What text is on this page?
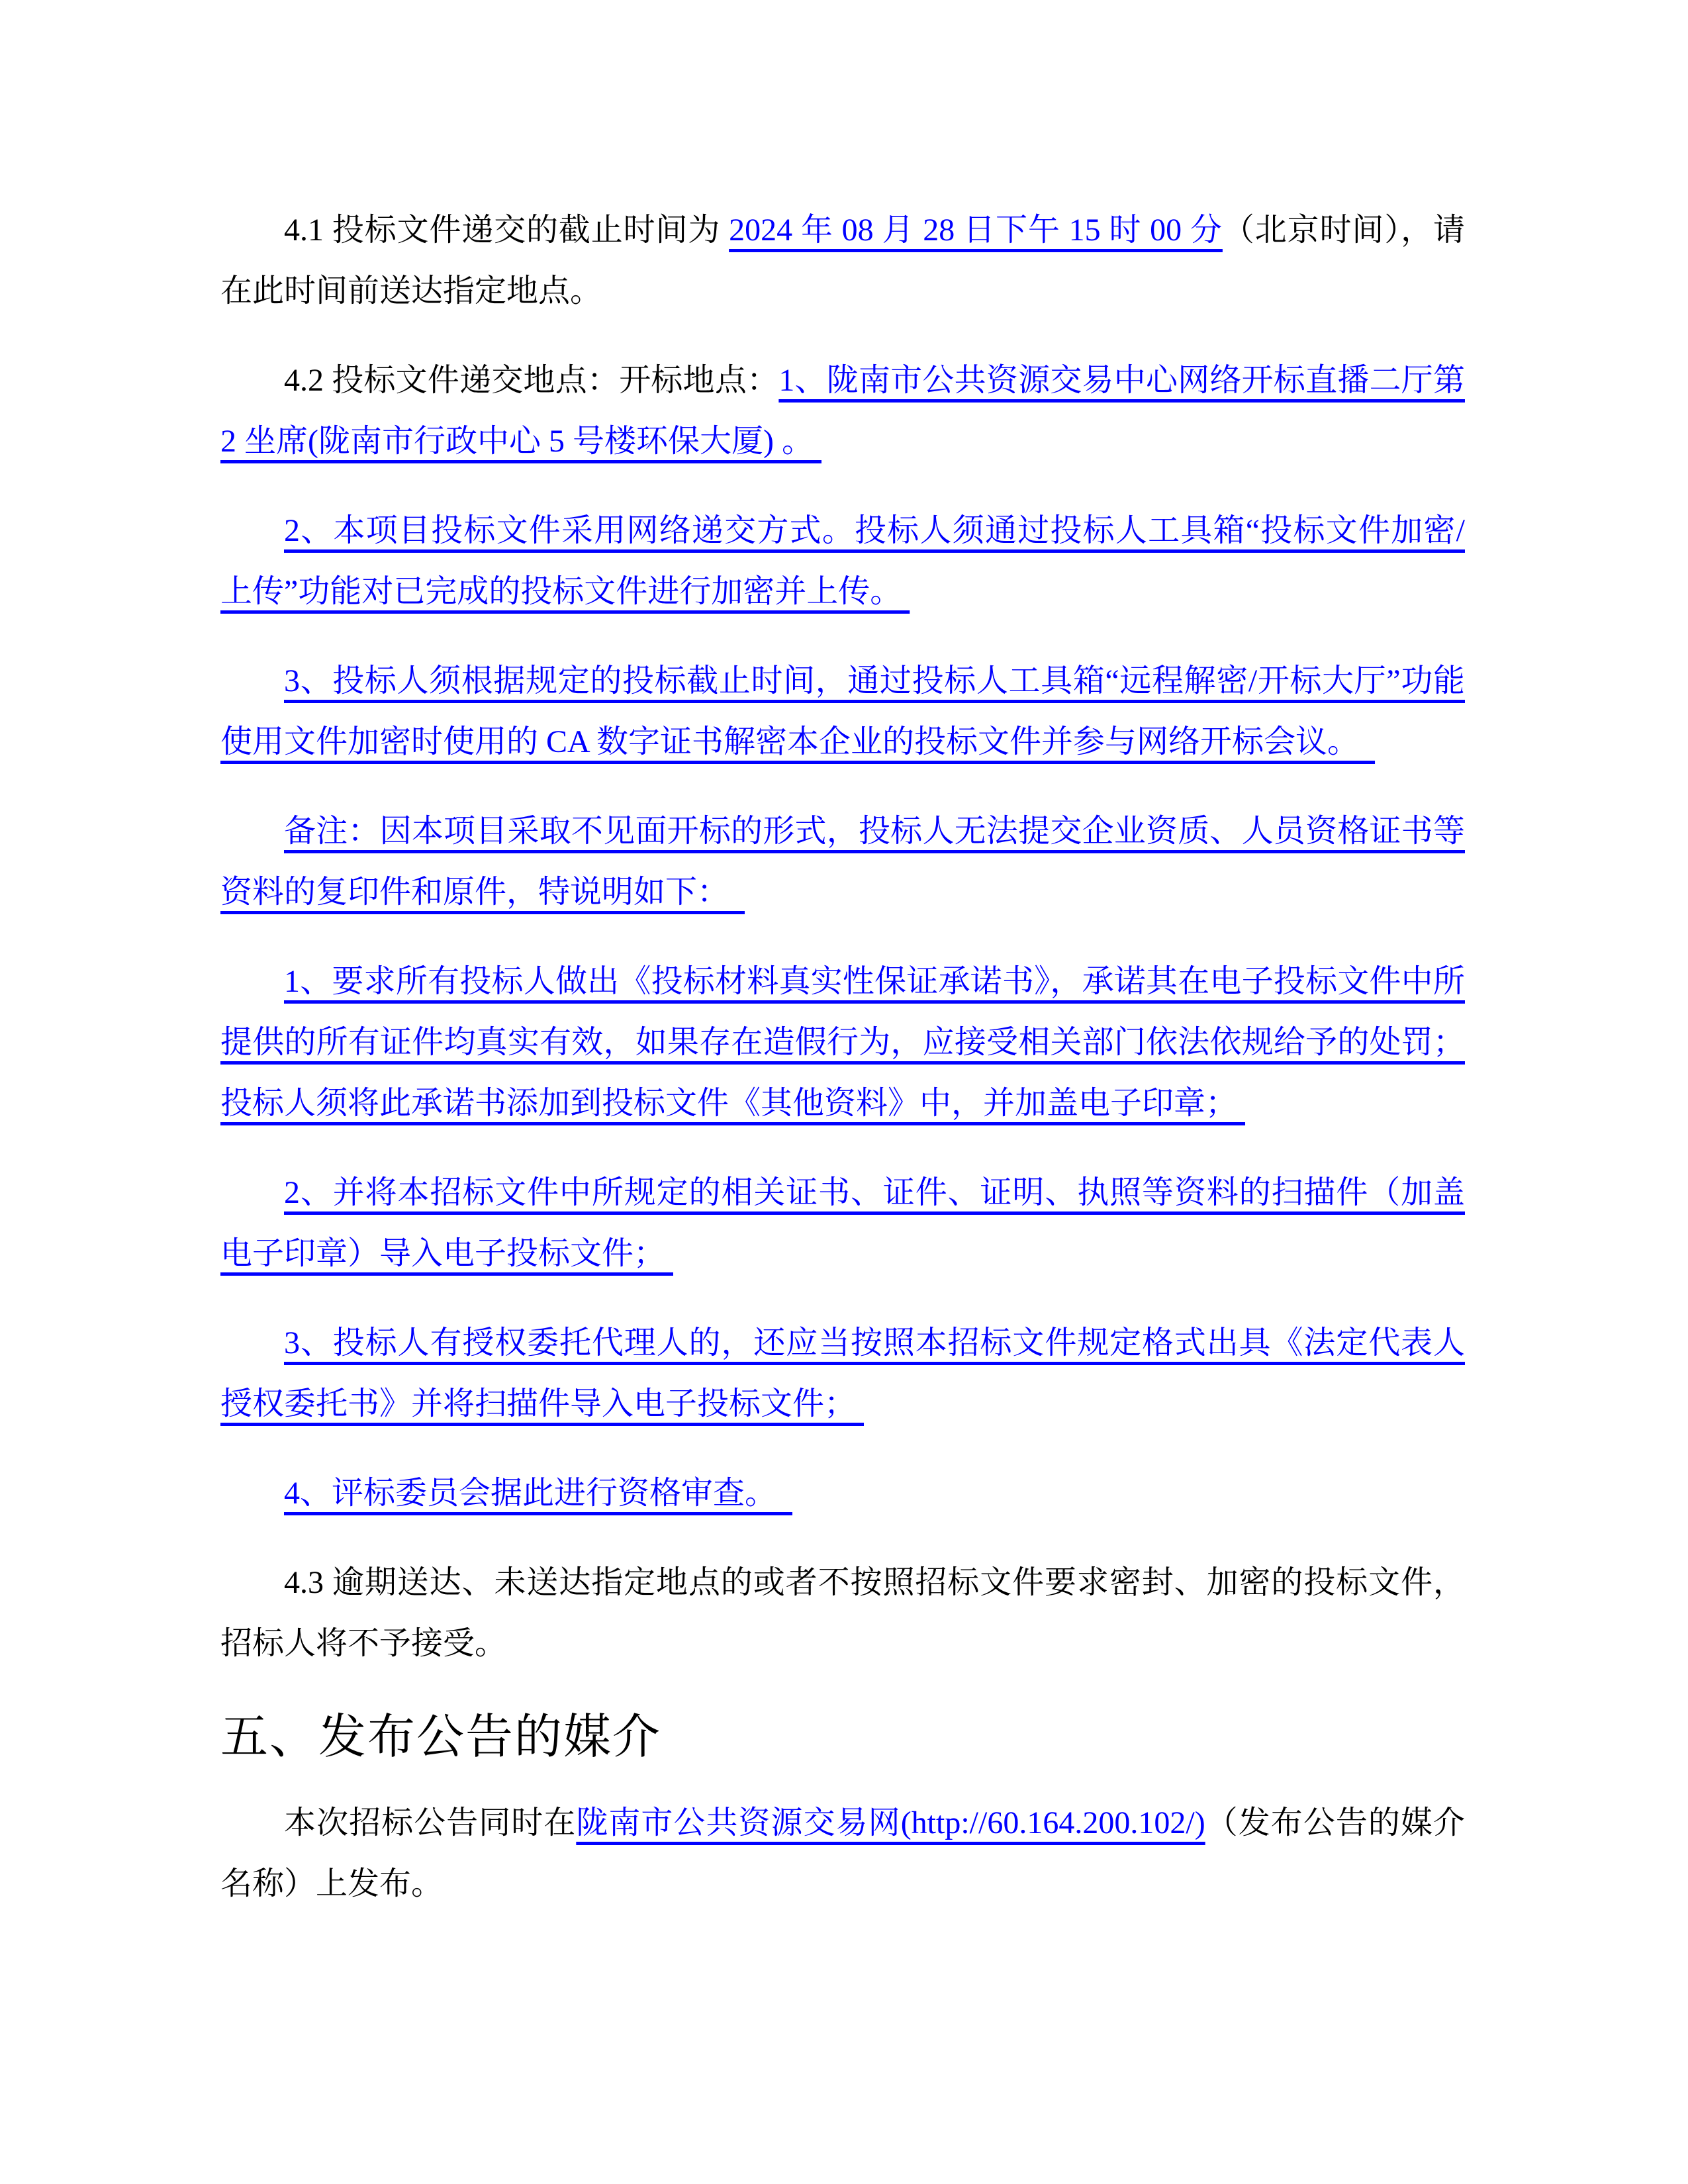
4.1 投标文件递交的截止时间为 2024 年 08 月 28 日下午 15 时 00 分（北京时间），请在此时间前送达指定地点。

4.2 投标文件递交地点：开标地点：1、陇南市公共资源交易中心网络开标直播二厅第 2 坐席(陇南市行政中心 5 号楼环保大厦) 。

2、本项目投标文件采用网络递交方式。投标人须通过投标人工具箱“投标文件加密/上传”功能对已完成的投标文件进行加密并上传。

3、投标人须根据规定的投标截止时间，通过投标人工具箱“远程解密/开标大厅”功能使用文件加密时使用的 CA 数字证书解密本企业的投标文件并参与网络开标会议。　

备注：因本项目采取不见面开标的形式，投标人无法提交企业资质、人员资格证书等资料的复印件和原件，特说明如下：　

1、要求所有投标人做出《投标材料真实性保证承诺书》，承诺其在电子投标文件中所提供的所有证件均真实有效，如果存在造假行为，应接受相关部门依法依规给予的处罚；投标人须将此承诺书添加到投标文件《其他资料》中，并加盖电子印章；

2、并将本招标文件中所规定的相关证书、证件、证明、执照等资料的扫描件（加盖电子印章）导入电子投标文件；

3、投标人有授权委托代理人的，还应当按照本招标文件规定格式出具《法定代表人授权委托书》并将扫描件导入电子投标文件；

4、评标委员会据此进行资格审查。　

4.3 逾期送达、未送达指定地点的或者不按照招标文件要求密封、加密的投标文件，招标人将不予接受。

五、发布公告的媒介

本次招标公告同时在陇南市公共资源交易网(http://60.164.200.102/)（发布公告的媒介名称）上发布。
